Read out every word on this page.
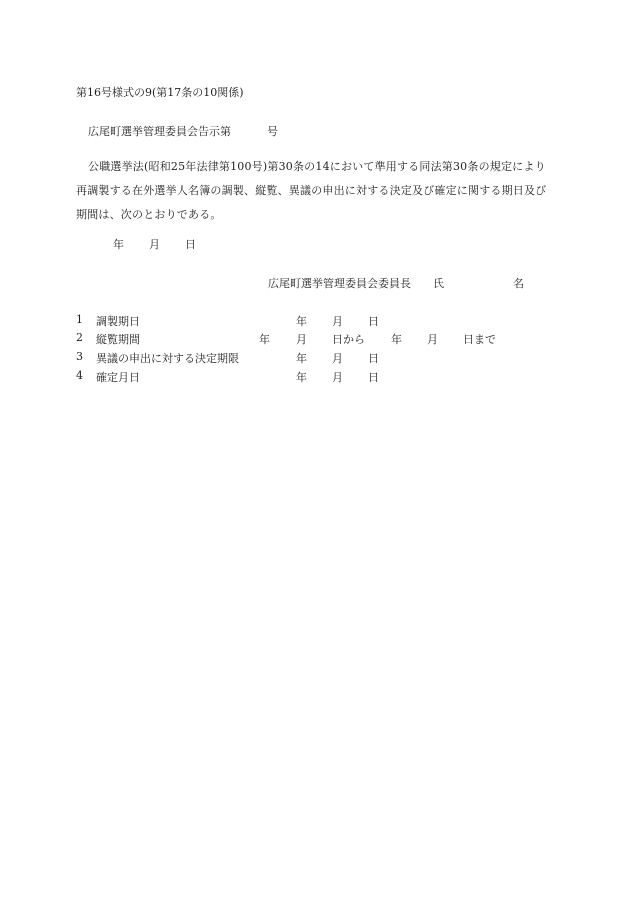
第16号様式の9(第17条の10関係)
広尾町選挙管理委員会告示第	号
公職選挙法(昭和25年法律第100号)第30条の14において準用する同法第30条の規定により再調製する在外選挙人名簿の調製、縦覧、異議の申出に対する決定及び確定に関する期日及び期間は、次のとおりである。
年 月 日
広尾町選挙管理委員会委員長 氏	名
1 調製期日	年 月 日
2 縦覧期間	年 月 日から 年 月 日まで
3 異議の申出に対する決定期限	年 月 日
4 確定月日	年 月 日
